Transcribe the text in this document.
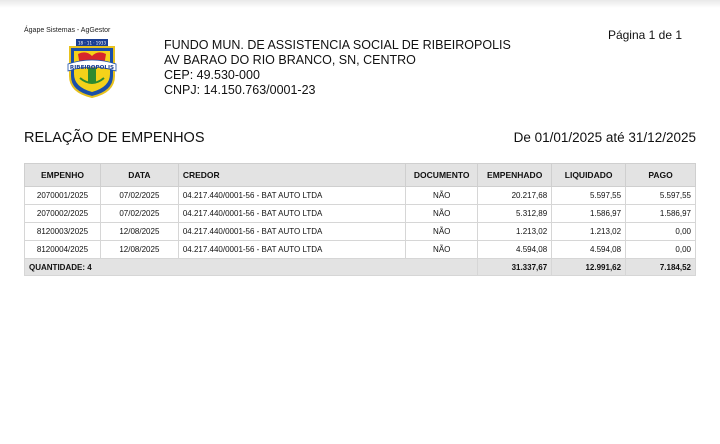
Ágape Sistemas - AgGestor
18 · 11 · 1933
RIBEIROPOLIS
FUNDO MUN. DE ASSISTENCIA SOCIAL DE RIBEIROPOLIS
AV BARAO DO RIO BRANCO, SN, CENTRO
CEP: 49.530-000
CNPJ: 14.150.763/0001-23
Página 1 de 1
RELAÇÃO DE EMPENHOS	De 01/01/2025 até 31/12/2025
EMPENHO	DATA	CREDOR	DOCUMENTO	EMPENHADO	LIQUIDADO	PAGO
2070001/2025	07/02/2025	04.217.440/0001-56 - BAT AUTO LTDA	NÃO	20.217,68	5.597,55	5.597,55
2070002/2025	07/02/2025	04.217.440/0001-56 - BAT AUTO LTDA	NÃO	5.312,89	1.586,97	1.586,97
8120003/2025	12/08/2025	04.217.440/0001-56 - BAT AUTO LTDA	NÃO	1.213,02	1.213,02	0,00
8120004/2025	12/08/2025	04.217.440/0001-56 - BAT AUTO LTDA	NÃO	4.594,08	4.594,08	0,00
QUANTIDADE: 4				31.337,67	12.991,62	7.184,52
